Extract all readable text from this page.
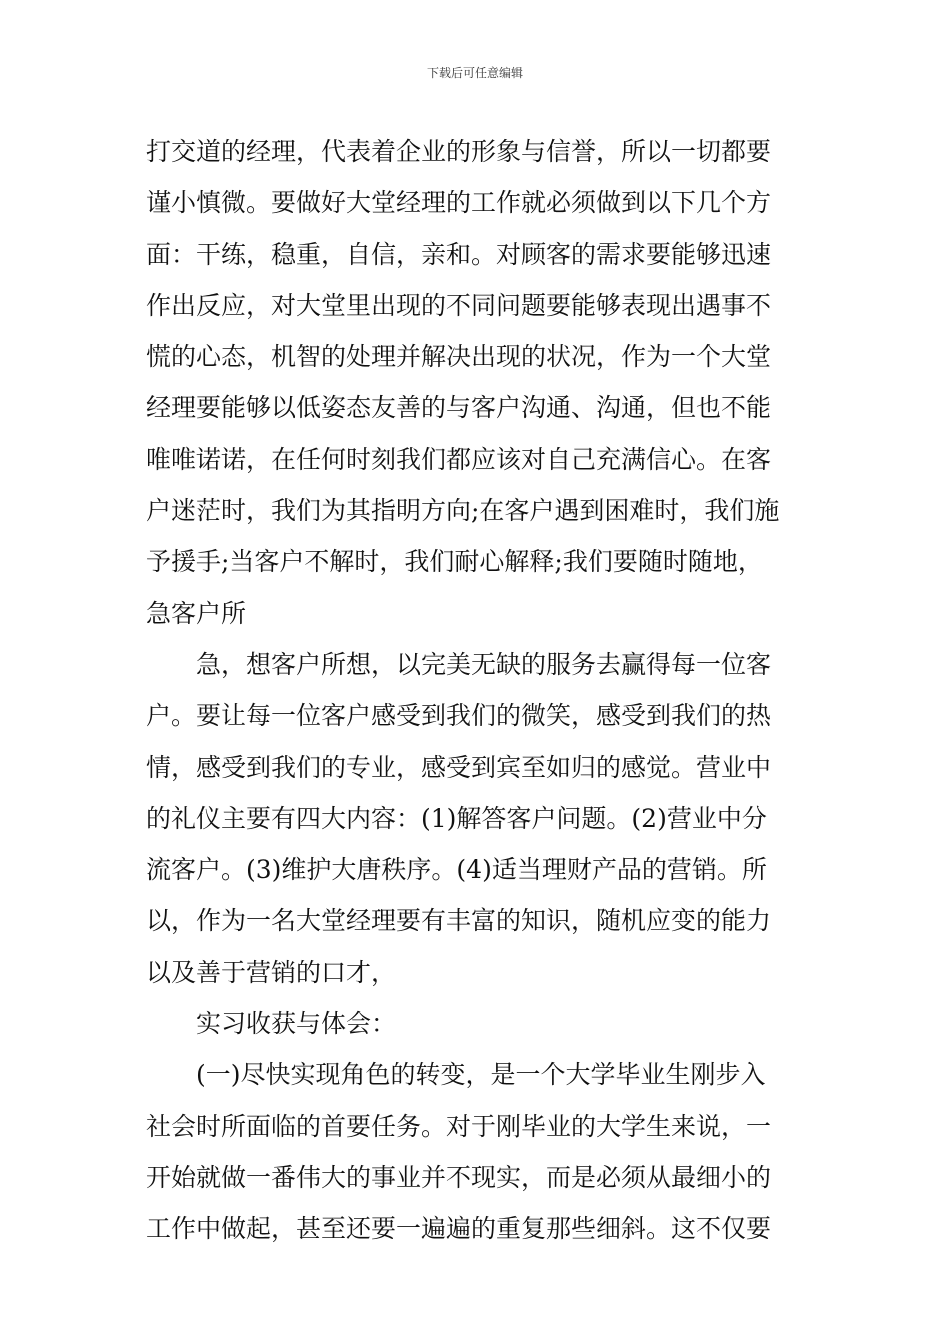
下载后可任意编辑
打交道的经理，代表着企业的形象与信誉，所以一切都要
谨小慎微。要做好大堂经理的工作就必须做到以下几个方
面：干练，稳重，自信，亲和。对顾客的需求要能够迅速
作出反应，对大堂里出现的不同问题要能够表现出遇事不
慌的心态，机智的处理并解决出现的状况，作为一个大堂
经理要能够以低姿态友善的与客户沟通、沟通，但也不能
唯唯诺诺，在任何时刻我们都应该对自己充满信心。在客
户迷茫时，我们为其指明方向;在客户遇到困难时，我们施
予援手;当客户不解时，我们耐心解释;我们要随时随地，
急客户所
急，想客户所想，以完美无缺的服务去赢得每一位客
户。要让每一位客户感受到我们的微笑，感受到我们的热
情，感受到我们的专业，感受到宾至如归的感觉。营业中
的礼仪主要有四大内容：(1)解答客户问题。(2)营业中分
流客户。(3)维护大唐秩序。(4)适当理财产品的营销。所
以，作为一名大堂经理要有丰富的知识，随机应变的能力
以及善于营销的口才，
实习收获与体会：
(一)尽快实现角色的转变，是一个大学毕业生刚步入
社会时所面临的首要任务。对于刚毕业的大学生来说，一
开始就做一番伟大的事业并不现实，而是必须从最细小的
工作中做起，甚至还要一遍遍的重复那些细斜。这不仅要
